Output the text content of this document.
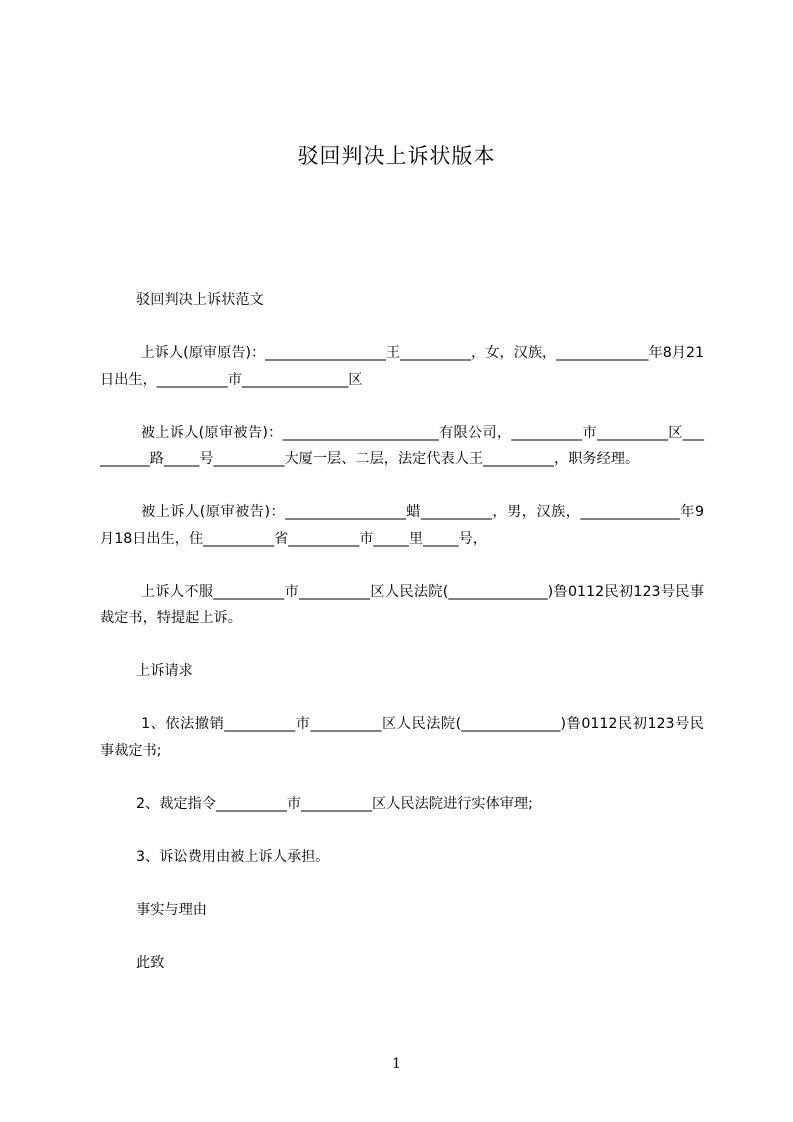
驳回判决上诉状版本

驳回判决上诉状范文

上诉人(原审原告)：_________________王__________，女，汉族，_____________年8月21日出生，__________市_______________区

被上诉人(原审被告)：______________________有限公司，__________市__________区__________路_____号__________大厦一层、二层，法定代表人王__________，职务经理。

被上诉人(原审被告)：_________________蜡__________，男，汉族，______________年9月18日出生，住__________省__________市_____里_____号，

上诉人不服__________市__________区人民法院(______________)鲁0112民初123号民事裁定书，特提起上诉。

上诉请求

1、依法撤销__________市__________区人民法院(______________)鲁0112民初123号民事裁定书;

2、裁定指令__________市__________区人民法院进行实体审理;

3、诉讼费用由被上诉人承担。

事实与理由

此致

1
